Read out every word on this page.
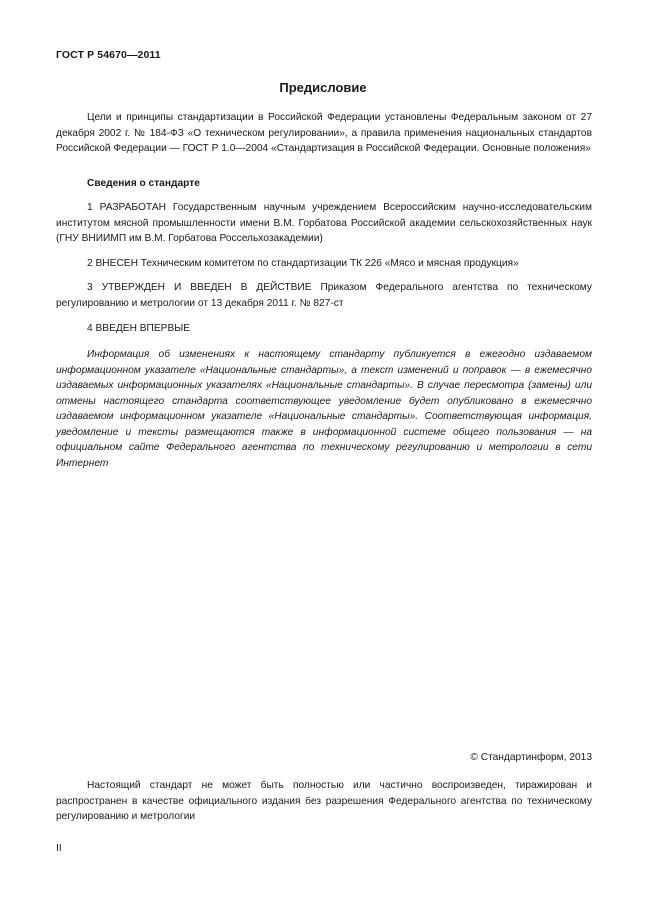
ГОСТ Р 54670—2011
Предисловие
Цели и принципы стандартизации в Российской Федерации установлены Федеральным законом от 27 декабря 2002 г. № 184-ФЗ «О техническом регулировании», а правила применения национальных стандартов Российской Федерации — ГОСТ Р 1.0—2004 «Стандартизация в Российской Федерации. Основные положения»
Сведения о стандарте
1 РАЗРАБОТАН Государственным научным учреждением Всероссийским научно-исследовательским институтом мясной промышленности имени В.М. Горбатова Российской академии сельскохозяйственных наук (ГНУ ВНИИМП им В.М. Горбатова Россельхозакадемии)
2 ВНЕСЕН Техническим комитетом по стандартизации ТК 226 «Мясо и мясная продукция»
3 УТВЕРЖДЕН И ВВЕДЕН В ДЕЙСТВИЕ Приказом Федерального агентства по техническому регулированию и метрологии от 13 декабря 2011 г. № 827-ст
4 ВВЕДЕН ВПЕРВЫЕ
Информация об изменениях к настоящему стандарту публикуется в ежегодно издаваемом информационном указателе «Национальные стандарты», а текст изменений и поправок — в ежемесячно издаваемых информационных указателях «Национальные стандарты». В случае пересмотра (замены) или отмены настоящего стандарта соответствующее уведомление будет опубликовано в ежемесячно издаваемом информационном указателе «Национальные стандарты». Соответствующая информация, уведомление и тексты размещаются также в информационной системе общего пользования — на официальном сайте Федерального агентства по техническому регулированию и метрологии в сети Интернет
© Стандартинформ, 2013
Настоящий стандарт не может быть полностью или частично воспроизведен, тиражирован и распространен в качестве официального издания без разрешения Федерального агентства по техническому регулированию и метрологии
II
